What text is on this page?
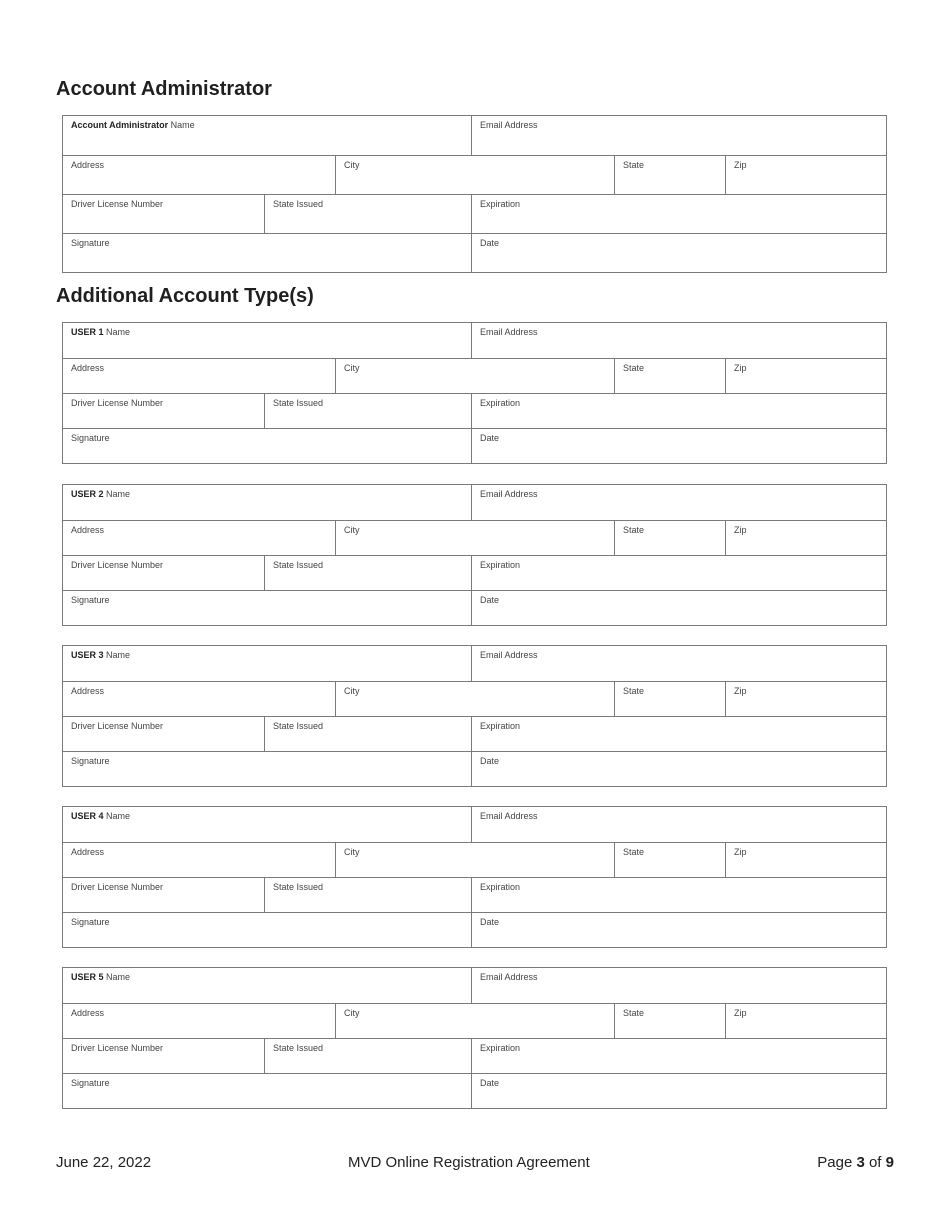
Account Administrator
Account Administrator Name	Email Address
Address	City	State	Zip
Driver License Number	State Issued	Expiration
Signature	Date
Additional Account Type(s)
USER 1 Name	Email Address
Address	City	State	Zip
Driver License Number	State Issued	Expiration
Signature	Date
USER 2 Name	Email Address
Address	City	State	Zip
Driver License Number	State Issued	Expiration
Signature	Date
USER 3 Name	Email Address
Address	City	State	Zip
Driver License Number	State Issued	Expiration
Signature	Date
USER 4 Name	Email Address
Address	City	State	Zip
Driver License Number	State Issued	Expiration
Signature	Date
USER 5 Name	Email Address
Address	City	State	Zip
Driver License Number	State Issued	Expiration
Signature	Date
June 22, 2022	MVD Online Registration Agreement	Page 3 of 9
